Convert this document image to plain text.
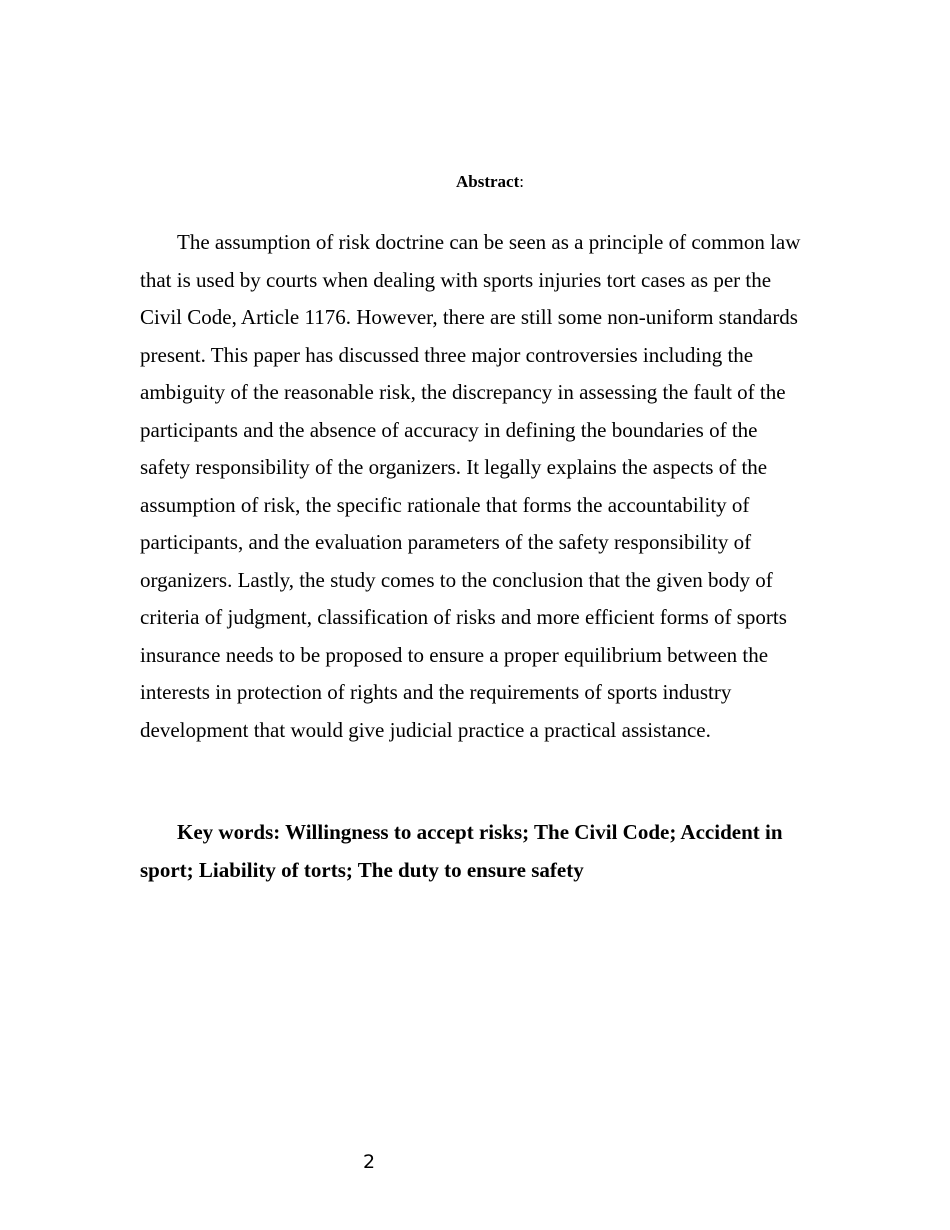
Abstract:

The assumption of risk doctrine can be seen as a principle of common law that is used by courts when dealing with sports injuries tort cases as per the Civil Code, Article 1176. However, there are still some non-uniform standards present. This paper has discussed three major controversies including the ambiguity of the reasonable risk, the discrepancy in assessing the fault of the participants and the absence of accuracy in defining the boundaries of the safety responsibility of the organizers. It legally explains the aspects of the assumption of risk, the specific rationale that forms the accountability of participants, and the evaluation parameters of the safety responsibility of organizers. Lastly, the study comes to the conclusion that the given body of criteria of judgment, classification of risks and more efficient forms of sports insurance needs to be proposed to ensure a proper equilibrium between the interests in protection of rights and the requirements of sports industry development that would give judicial practice a practical assistance.

Key words: Willingness to accept risks; The Civil Code; Accident in sport; Liability of torts; The duty to ensure safety

2
